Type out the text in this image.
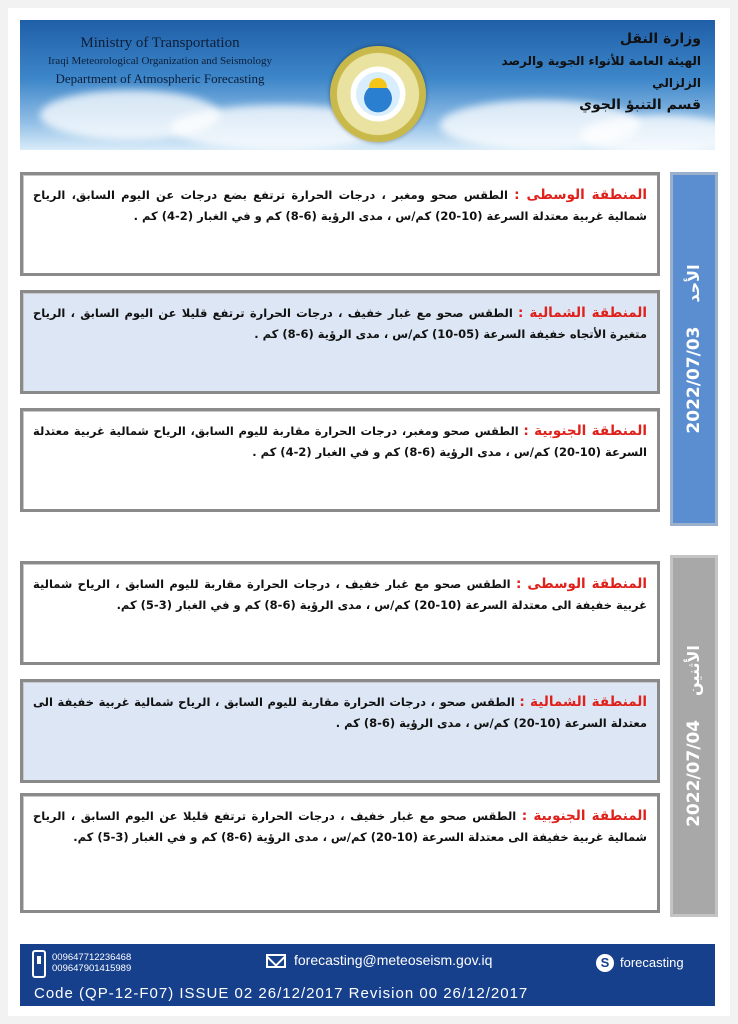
Ministry of Transportation
Iraqi Meteorological Organization and Seismology
Department of Atmospheric Forecasting
وزارة النقل
الهيئة العامة للأنواء الجوية والرصد الزلزالي
قسم التنبؤ الجوي
المنطقة الوسطى : الطقس صحو ومغبر ، درجات الحرارة ترتفع بضع درجات عن اليوم السابق، الرياح شمالية غربية معتدلة السرعة (10-20) كم/س ، مدى الرؤية (6-8) كم و في الغبار (2-4) كم .
المنطقة الشمالية : الطقس صحو مع غبار خفيف ، درجات الحرارة ترتفع قليلا عن اليوم السابق ، الرياح متغيرة الأتجاه خفيفة السرعة (05-10) كم/س ، مدى الرؤية (6-8) كم .
المنطقة الجنوبية : الطقس صحو ومغبر، درجات الحرارة مقاربة لليوم السابق، الرياح شمالية غربية معتدلة السرعة (10-20) كم/س ، مدى الرؤية (6-8) كم و في الغبار (2-4) كم .
الأحد 2022/07/03
المنطقة الوسطى : الطقس صحو مع غبار خفيف ، درجات الحرارة مقاربة لليوم السابق ، الرياح شمالية غربية خفيفة الى معتدلة السرعة (10-20) كم/س ، مدى الرؤية (6-8) كم و في الغبار (3-5) كم.
المنطقة الشمالية : الطقس صحو ، درجات الحرارة مقاربة لليوم السابق ، الرياح شمالية غربية خفيفة الى معتدلة السرعة (10-20) كم/س ، مدى الرؤية (6-8) كم .
المنطقة الجنوبية : الطقس صحو مع غبار خفيف ، درجات الحرارة ترتفع قليلا عن اليوم السابق ، الرياح شمالية غربية خفيفة الى معتدلة السرعة (10-20) كم/س ، مدى الرؤية (6-8) كم و في الغبار (3-5) كم.
الأثنين 2022/07/04
009647712236468
009647901415989
forecasting@meteoseism.gov.iq	S forecasting
Code (QP-12-F07) ISSUE 02 26/12/2017 Revision 00 26/12/2017
